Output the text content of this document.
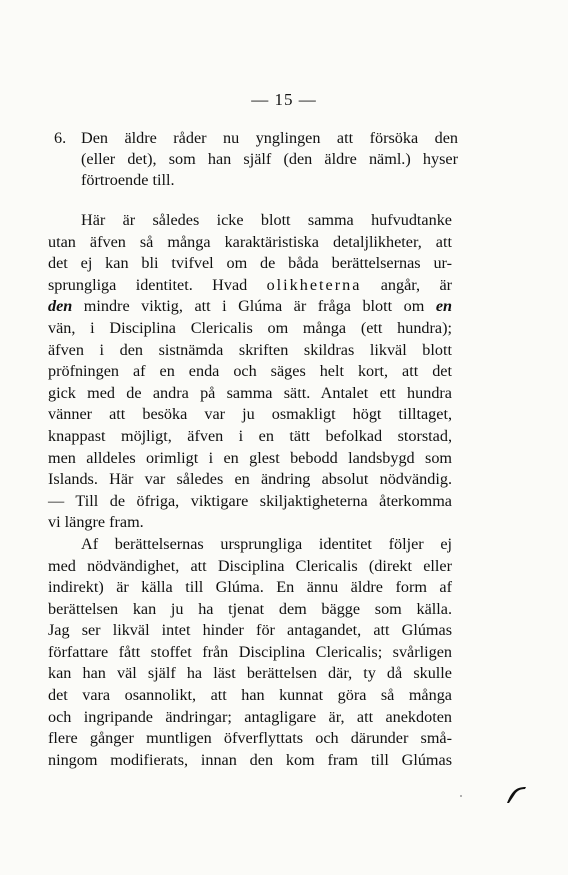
— 15 —
6. Den äldre råder nu ynglingen att försöka den
(eller det), som han själf (den äldre näml.) hyser
förtroende till.
Här är således icke blott samma hufvudtanke
utan äfven så många karaktäristiska detaljlikheter, att
det ej kan bli tvifvel om de båda berättelsernas ur-
sprungliga identitet. Hvad olikheterna angår, är
den mindre viktig, att i Glúma är fråga blott om en
vän, i Disciplina Clericalis om många (ett hundra);
äfven i den sistnämda skriften skildras likväl blott
pröfningen af en enda och säges helt kort, att det
gick med de andra på samma sätt. Antalet ett hundra
vänner att besöka var ju osmakligt högt tilltaget,
knappast möjligt, äfven i en tätt befolkad storstad,
men alldeles orimligt i en glest bebodd landsbygd som
Islands. Här var således en ändring absolut nödvändig.
— Till de öfriga, viktigare skiljaktigheterna återkomma
vi längre fram.
Af berättelsernas ursprungliga identitet följer ej
med nödvändighet, att Disciplina Clericalis (direkt eller
indirekt) är källa till Glúma. En ännu äldre form af
berättelsen kan ju ha tjenat dem bägge som källa.
Jag ser likväl intet hinder för antagandet, att Glúmas
författare fått stoffet från Disciplina Clericalis; svårligen
kan han väl själf ha läst berättelsen där, ty då skulle
det vara osannolikt, att han kunnat göra så många
och ingripande ändringar; antagligare är, att anekdoten
flere gånger muntligen öfverflyttats och därunder små-
ningom modifierats, innan den kom fram till Glúmas
